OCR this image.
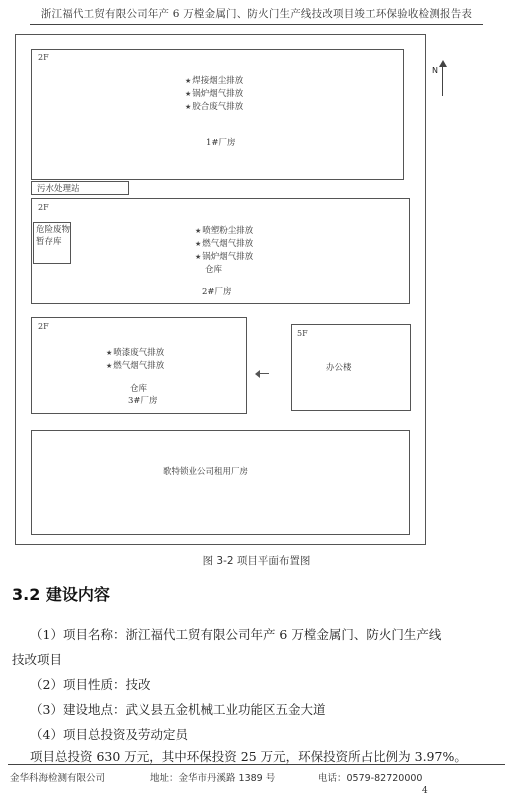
浙江福代工贸有限公司年产 6 万樘金属门、防火门生产线技改项目竣工环保验收检测报告表
N
2F
★焊接烟尘排放
★锅炉烟气排放
★胶合废气排放
1#厂房
污水处理站
2F
危险废物暂存库
★喷塑粉尘排放
★燃气烟气排放
★锅炉烟气排放
仓库
2#厂房
2F
★喷漆废气排放
★燃气烟气排放
仓库
3#厂房
5F
办公楼
歌特锁业公司租用厂房
图 3-2 项目平面布置图
3.2 建设内容
（1）项目名称：浙江福代工贸有限公司年产 6 万樘金属门、防火门生产线
技改项目
（2）项目性质：技改
（3）建设地点：武义县五金机械工业功能区五金大道
（4）项目总投资及劳动定员
项目总投资 630 万元，其中环保投资 25 万元，环保投资所占比例为 3.97%。
金华科海检测有限公司	地址：金华市丹溪路 1389 号	电话：0579-82720000
4
